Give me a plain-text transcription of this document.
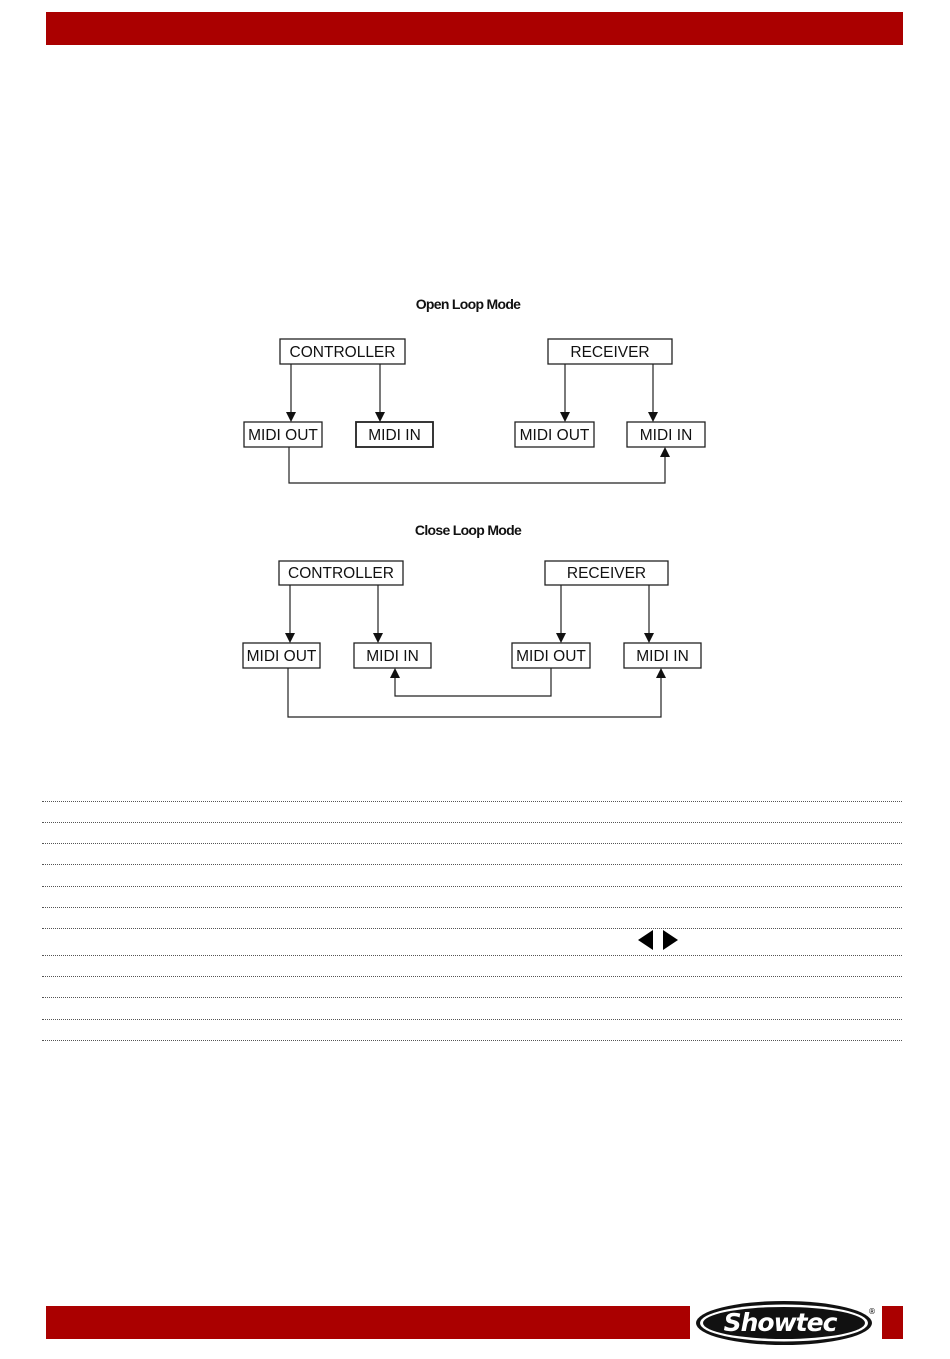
Open Loop Mode
CONTROLLER	RECEIVER
MIDI OUT	MIDI IN	MIDI OUT	MIDI IN
Close Loop Mode
CONTROLLER	RECEIVER
MIDI OUT	MIDI IN	MIDI OUT	MIDI IN
Showtec	®
